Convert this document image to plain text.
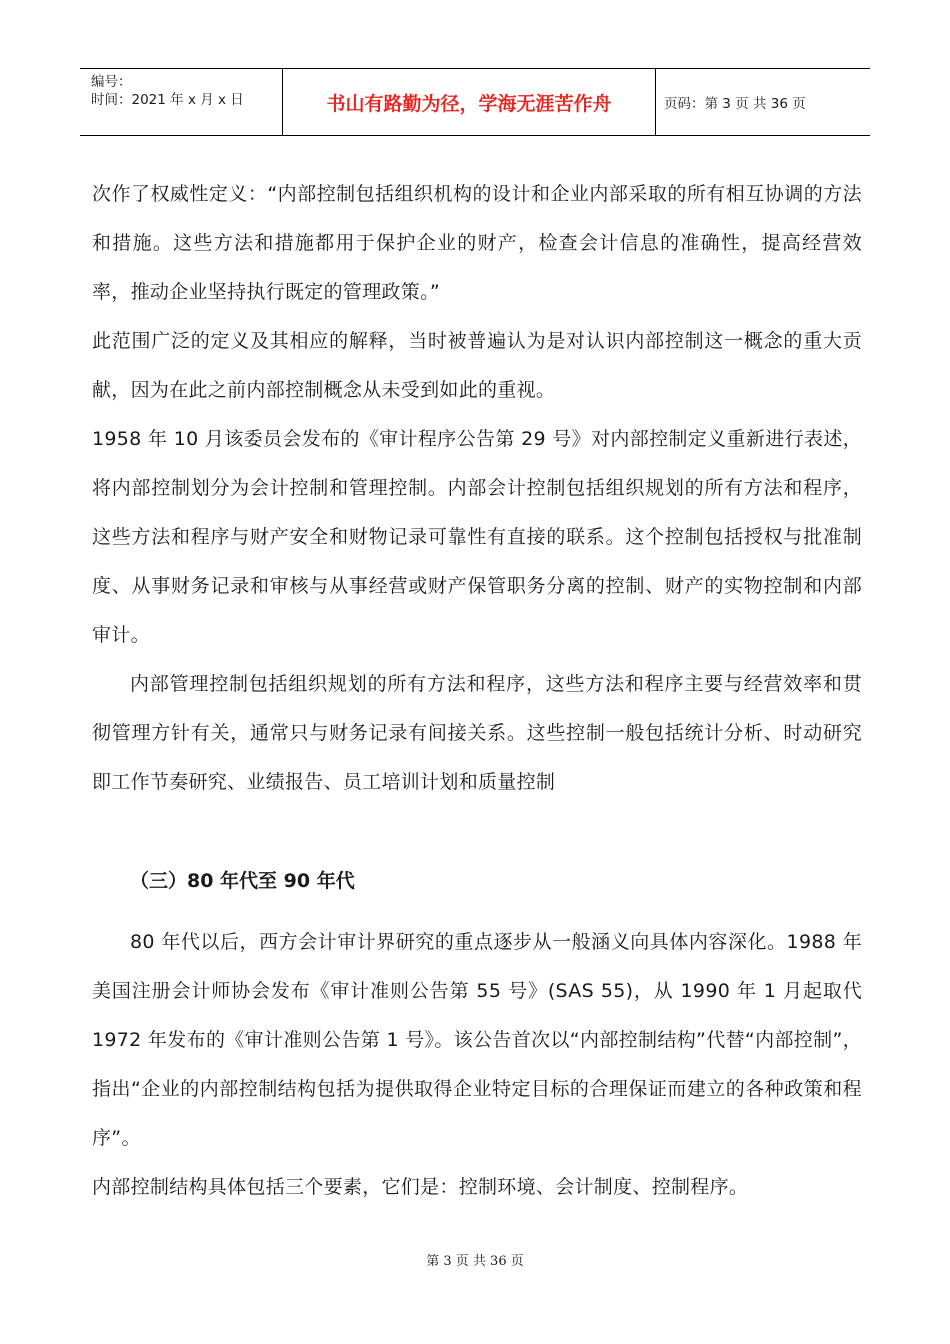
编号：
时间：2021 年 x 月 x 日	书山有路勤为径，学海无涯苦作舟	页码：第 3 页 共 36 页

次作了权威性定义：“内部控制包括组织机构的设计和企业内部采取的所有相互协调的方法和措施。这些方法和措施都用于保护企业的财产，检查会计信息的准确性，提高经营效率，推动企业坚持执行既定的管理政策。”

此范围广泛的定义及其相应的解释，当时被普遍认为是对认识内部控制这一概念的重大贡献，因为在此之前内部控制概念从未受到如此的重视。

1958 年 10 月该委员会发布的《审计程序公告第 29 号》对内部控制定义重新进行表述，将内部控制划分为会计控制和管理控制。内部会计控制包括组织规划的所有方法和程序，这些方法和程序与财产安全和财物记录可靠性有直接的联系。这个控制包括授权与批准制度、从事财务记录和审核与从事经营或财产保管职务分离的控制、财产的实物控制和内部审计。

内部管理控制包括组织规划的所有方法和程序，这些方法和程序主要与经营效率和贯彻管理方针有关，通常只与财务记录有间接关系。这些控制一般包括统计分析、时动研究即工作节奏研究、业绩报告、员工培训计划和质量控制

（三）80 年代至 90 年代

80 年代以后，西方会计审计界研究的重点逐步从一般涵义向具体内容深化。1988 年美国注册会计师协会发布《审计准则公告第 55 号》(SAS 55)，从 1990 年 1 月起取代 1972 年发布的《审计准则公告第 1 号》。该公告首次以“内部控制结构”代替“内部控制”，指出“企业的内部控制结构包括为提供取得企业特定目标的合理保证而建立的各种政策和程序”。

内部控制结构具体包括三个要素，它们是：控制环境、会计制度、控制程序。

第 3 页 共 36 页
